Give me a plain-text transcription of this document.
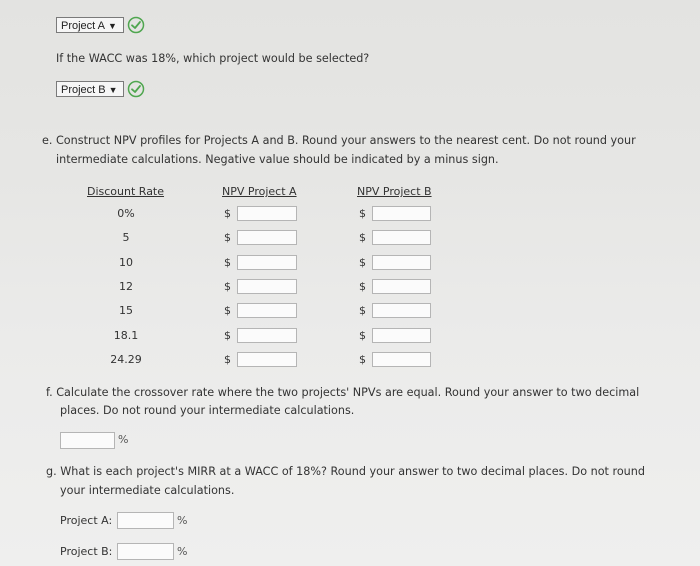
Project A ▼
If the WACC was 18%, which project would be selected?
Project B ▼
e. Construct NPV profiles for Projects A and B. Round your answers to the nearest cent. Do not round your
intermediate calculations. Negative value should be indicated by a minus sign.
Discount Rate	NPV Project A	NPV Project B
0%	$	$
5	$	$
10	$	$
12	$	$
15	$	$
18.1	$	$
24.29	$	$
f. Calculate the crossover rate where the two projects' NPVs are equal. Round your answer to two decimal
places. Do not round your intermediate calculations.
%
g. What is each project's MIRR at a WACC of 18%? Round your answer to two decimal places. Do not round
your intermediate calculations.
Project A:	%
Project B:	%
